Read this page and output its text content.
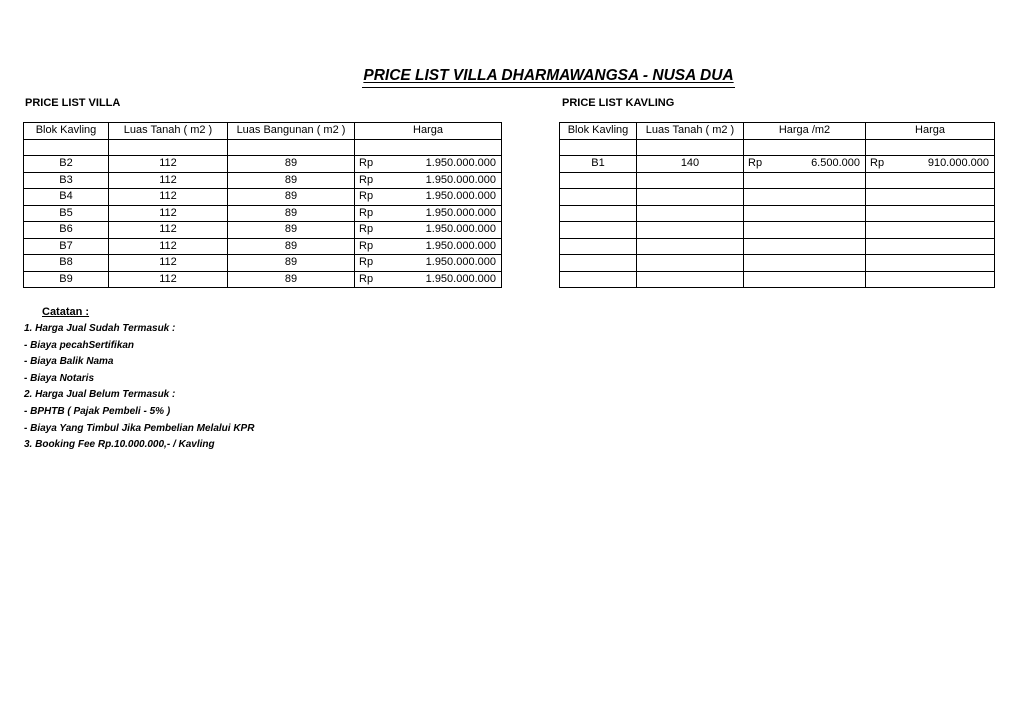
PRICE LIST VILLA DHARMAWANGSA - NUSA DUA
PRICE LIST VILLA	PRICE LIST KAVLING
Blok Kavling	Luas Tanah ( m2 )	Luas Bangunan ( m2 )	Harga

B2	112	89	Rp 1.950.000.000

B3	112	89	Rp 1.950.000.000

B4	112	89	Rp 1.950.000.000

B5	112	89	Rp 1.950.000.000

B6	112	89	Rp 1.950.000.000

B7	112	89	Rp 1.950.000.000

B8	112	89	Rp 1.950.000.000

B9	112	89	Rp 1.950.000.000
Blok Kavling	Luas Tanah ( m2 )	Harga /m2	Harga

B1	140	Rp 6.500.000	Rp 910.000.000

Catatan :
1. Harga Jual Sudah Termasuk :
- Biaya pecahSertifikan
- Biaya Balik Nama
- Biaya Notaris
2. Harga Jual Belum Termasuk :
- BPHTB ( Pajak Pembeli - 5% )
- Biaya Yang Timbul Jika Pembelian Melalui KPR
3. Booking Fee Rp.10.000.000,- / Kavling
